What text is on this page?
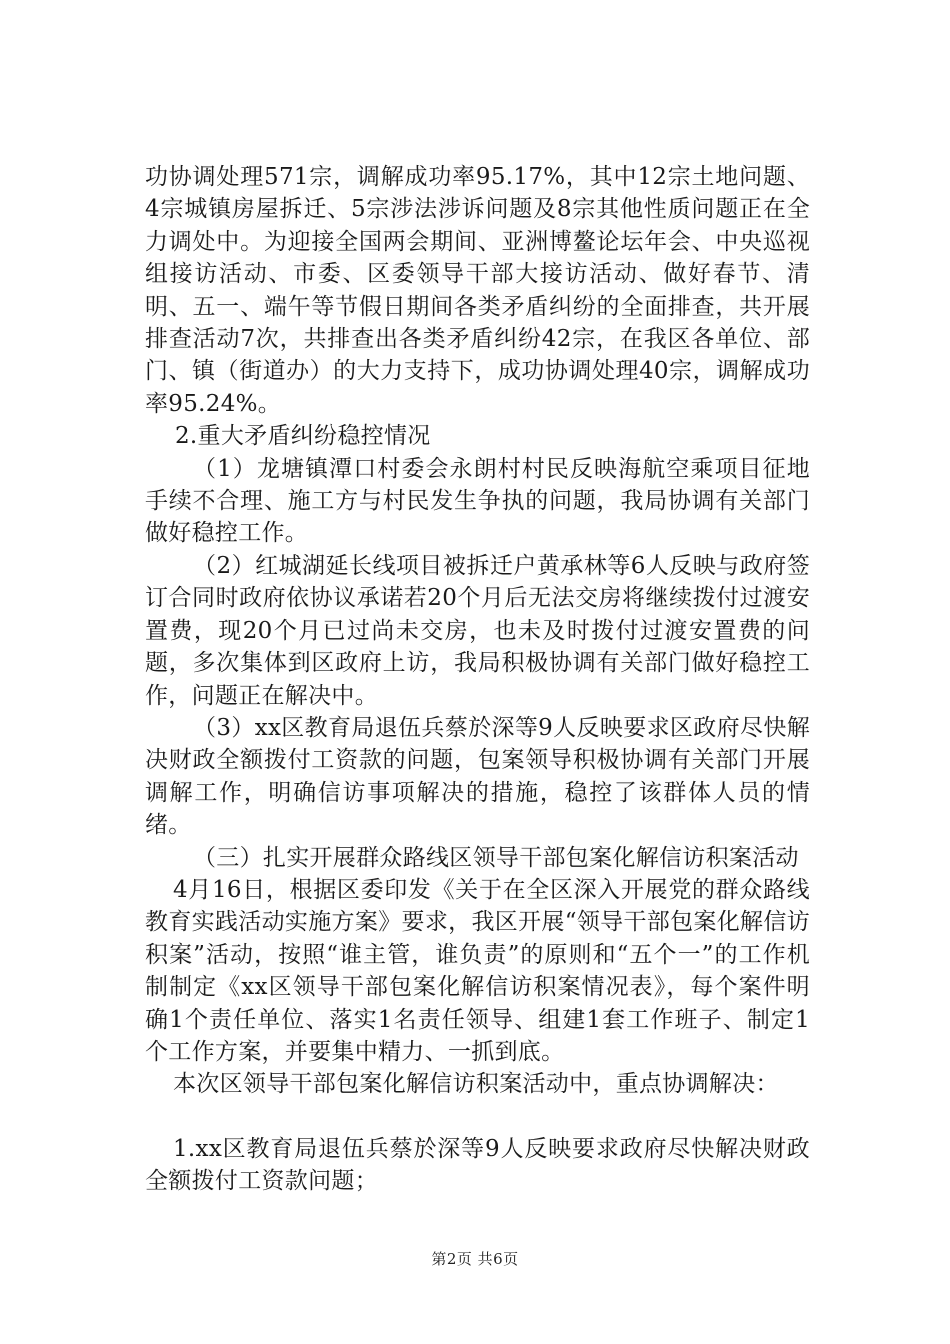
功协调处理571宗，调解成功率95.17%，其中12宗土地问题、4宗城镇房屋拆迁、5宗涉法涉诉问题及8宗其他性质问题正在全力调处中。为迎接全国两会期间、亚洲博鳌论坛年会、中央巡视组接访活动、市委、区委领导干部大接访活动、做好春节、清明、五一、端午等节假日期间各类矛盾纠纷的全面排查，共开展排查活动7次，共排查出各类矛盾纠纷42宗，在我区各单位、部门、镇（街道办）的大力支持下，成功协调处理40宗，调解成功率95.24%。

2.重大矛盾纠纷稳控情况

（1）龙塘镇潭口村委会永朗村村民反映海航空乘项目征地手续不合理、施工方与村民发生争执的问题，我局协调有关部门做好稳控工作。

（2）红城湖延长线项目被拆迁户黄承林等6人反映与政府签订合同时政府依协议承诺若20个月后无法交房将继续拨付过渡安置费，现20个月已过尚未交房，也未及时拨付过渡安置费的问题，多次集体到区政府上访，我局积极协调有关部门做好稳控工作，问题正在解决中。

（3）xx区教育局退伍兵蔡於深等9人反映要求区政府尽快解决财政全额拨付工资款的问题，包案领导积极协调有关部门开展调解工作，明确信访事项解决的措施，稳控了该群体人员的情绪。

（三）扎实开展群众路线区领导干部包案化解信访积案活动

4月16日，根据区委印发《关于在全区深入开展党的群众路线教育实践活动实施方案》要求，我区开展“领导干部包案化解信访积案”活动，按照“谁主管，谁负责”的原则和“五个一”的工作机制制定《xx区领导干部包案化解信访积案情况表》，每个案件明确1个责任单位、落实1名责任领导、组建1套工作班子、制定1个工作方案，并要集中精力、一抓到底。

本次区领导干部包案化解信访积案活动中，重点协调解决：

1.xx区教育局退伍兵蔡於深等9人反映要求政府尽快解决财政全额拨付工资款问题；

第2页 共6页
